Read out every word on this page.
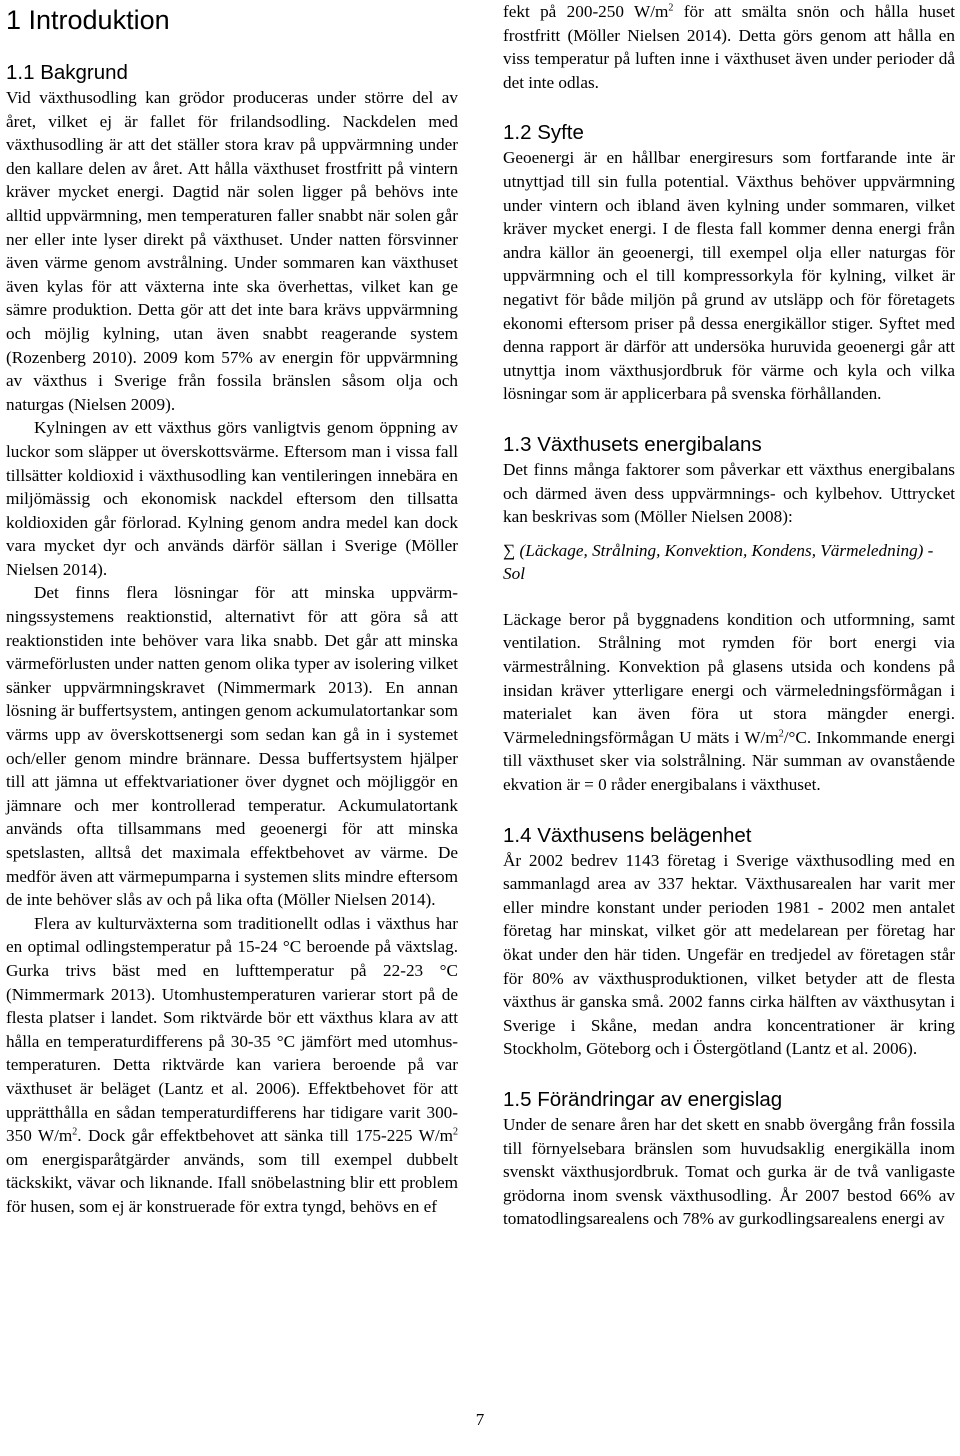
1 Introduktion
1.1 Bakgrund

Vid växthusodling kan grödor produceras under större del av året, vilket ej är fallet för frilandsodling. Nackdelen med växthusodling är att det ställer stora krav på uppvärmning under den kallare delen av året. Att hålla växthuset frostfritt på vintern kräver mycket energi. Dagtid när solen ligger på behövs inte alltid uppvärmning, men temperaturen faller snabbt när solen går ner eller inte lyser direkt på växthuset. Under natten försvinner även värme genom avstrålning. Under sommaren kan växthuset även kylas för att växterna inte ska överhettas, vilket kan ge sämre produktion. Detta gör att det inte bara krävs uppvärmning och möjlig kylning, utan även snabbt reagerande system (Rozenberg 2010). 2009 kom 57% av energin för uppvärmning av växthus i Sverige från fossila bränslen såsom olja och naturgas (Nielsen 2009).

Kylningen av ett växthus görs vanligtvis genom öppning av luckor som släpper ut överskottsvärme. Eftersom man i vissa fall tillsätter koldioxid i växthusodling kan ventileringen innebära en miljömässig och ekonomisk nackdel eftersom den tillsatta koldioxiden går förlorad. Kylning genom andra medel kan dock vara mycket dyr och används därför sällan i Sverige (Möller Nielsen 2014).

Det finns flera lösningar för att minska uppvärmningssystemens reaktionstid, alternativt för att göra så att reaktionstiden inte behöver vara lika snabb. Det går att minska värmeförlusten under natten genom olika typer av isolering vilket sänker uppvärmningskravet (Nimmermark 2013). En annan lösning är buffertsystem, antingen genom ackumulatortankar som värms upp av överskottsenergi som sedan kan gå in i systemet och/eller genom mindre brännare. Dessa buffertsystem hjälper till att jämna ut effektvariationer över dygnet och möjliggör en jämnare och mer kontrollerad temperatur. Ackumulatortank används ofta tillsammans med geoenergi för att minska spetslasten, alltså det maximala effektbehovet av värme. De medför även att värmepumparna i systemen slits mindre eftersom de inte behöver slås av och på lika ofta (Möller Nielsen 2014).

Flera av kulturväxterna som traditionellt odlas i växthus har en optimal odlingstemperatur på 15-24 °C beroende på växtslag. Gurka trivs bäst med en lufttemperatur på 22-23 °C (Nimmermark 2013). Utomhustemperaturen varierar stort på de flesta platser i landet. Som riktvärde bör ett växthus klara av att hålla en temperaturdifferens på 30-35 °C jämfört med utomhustemperaturen. Detta riktvärde kan variera beroende på var växthuset är beläget (Lantz et al. 2006). Effektbehovet för att upprätthålla en sådan temperaturdifferens har tidigare varit 300-350 $W/m^2$. Dock går effektbehovet att sänka till 175-225 $W/m^2$ om energisparåtgärder används, som till exempel dubbelt täckskikt, vävar och liknande. Ifall snöbelastning blir ett problem för husen, som ej är konstruerade för extra tyngd, behövs en ef

fekt på 200-250 $W/m^2$ för att smälta snön och hålla huset frostfritt (Möller Nielsen 2014). Detta görs genom att hålla en viss temperatur på luften inne i växthuset även under perioder då det inte odlas.

1.2 Syfte

Geoenergi är en hållbar energiresurs som fortfarande inte är utnyttjad till sin fulla potential. Växthus behöver uppvärmning under vintern och ibland även kylning under sommaren, vilket kräver mycket energi. I de flesta fall kommer denna energi från andra källor än geoenergi, till exempel olja eller naturgas för uppvärmning och el till kompressorkyla för kylning, vilket är negativt för både miljön på grund av utsläpp och för företagets ekonomi eftersom priser på dessa energikällor stiger. Syftet med denna rapport är därför att undersöka huruvida geoenergi går att utnyttja inom växthusjordbruk för värme och kyla och vilka lösningar som är applicerbara på svenska förhållanden.

1.3 Växthusets energibalans

Det finns många faktorer som påverkar ett växthus energibalans och därmed även dess uppvärmnings- och kylbehov. Uttrycket kan beskrivas som (Möller Nielsen 2008):

∑ (Läckage, Strålning, Konvektion, Kondens, Värmeledning) - Sol

Läckage beror på byggnadens kondition och utformning, samt ventilation. Strålning mot rymden för bort energi via värmestrålning. Konvektion på glasens utsida och kondens på insidan kräver ytterligare energi och värmeledningsförmågan i materialet kan även föra ut stora mängder energi. Värmeledningsförmågan U mäts i $W/m^2/^\circ C$. Inkommande energi till växthuset sker via solstrålning. När summan av ovanstående ekvation är = 0 råder energibalans i växthuset.

1.4 Växthusens belägenhet

År 2002 bedrev 1143 företag i Sverige växthusodling med en sammanlagd area av 337 hektar. Växthusarealen har varit mer eller mindre konstant under perioden 1981 - 2002 men antalet företag har minskat, vilket gör att medelarean per företag har ökat under den här tiden. Ungefär en tredjedel av företagen står för 80% av växthusproduktionen, vilket betyder att de flesta växthus är ganska små. 2002 fanns cirka hälften av växthusytan i Sverige i Skåne, medan andra koncentrationer är kring Stockholm, Göteborg och i Östergötland (Lantz et al. 2006).

1.5 Förändringar av energislag

Under de senare åren har det skett en snabb övergång från fossila till förnyelsebara bränslen som huvudsaklig energikälla inom svenskt växthusjordbruk. Tomat och gurka är de två vanligaste grödorna inom svensk växthusodling. År 2007 bestod 66% av tomatodlingsarealens och 78% av gurkodlingsarealens energi av

7
